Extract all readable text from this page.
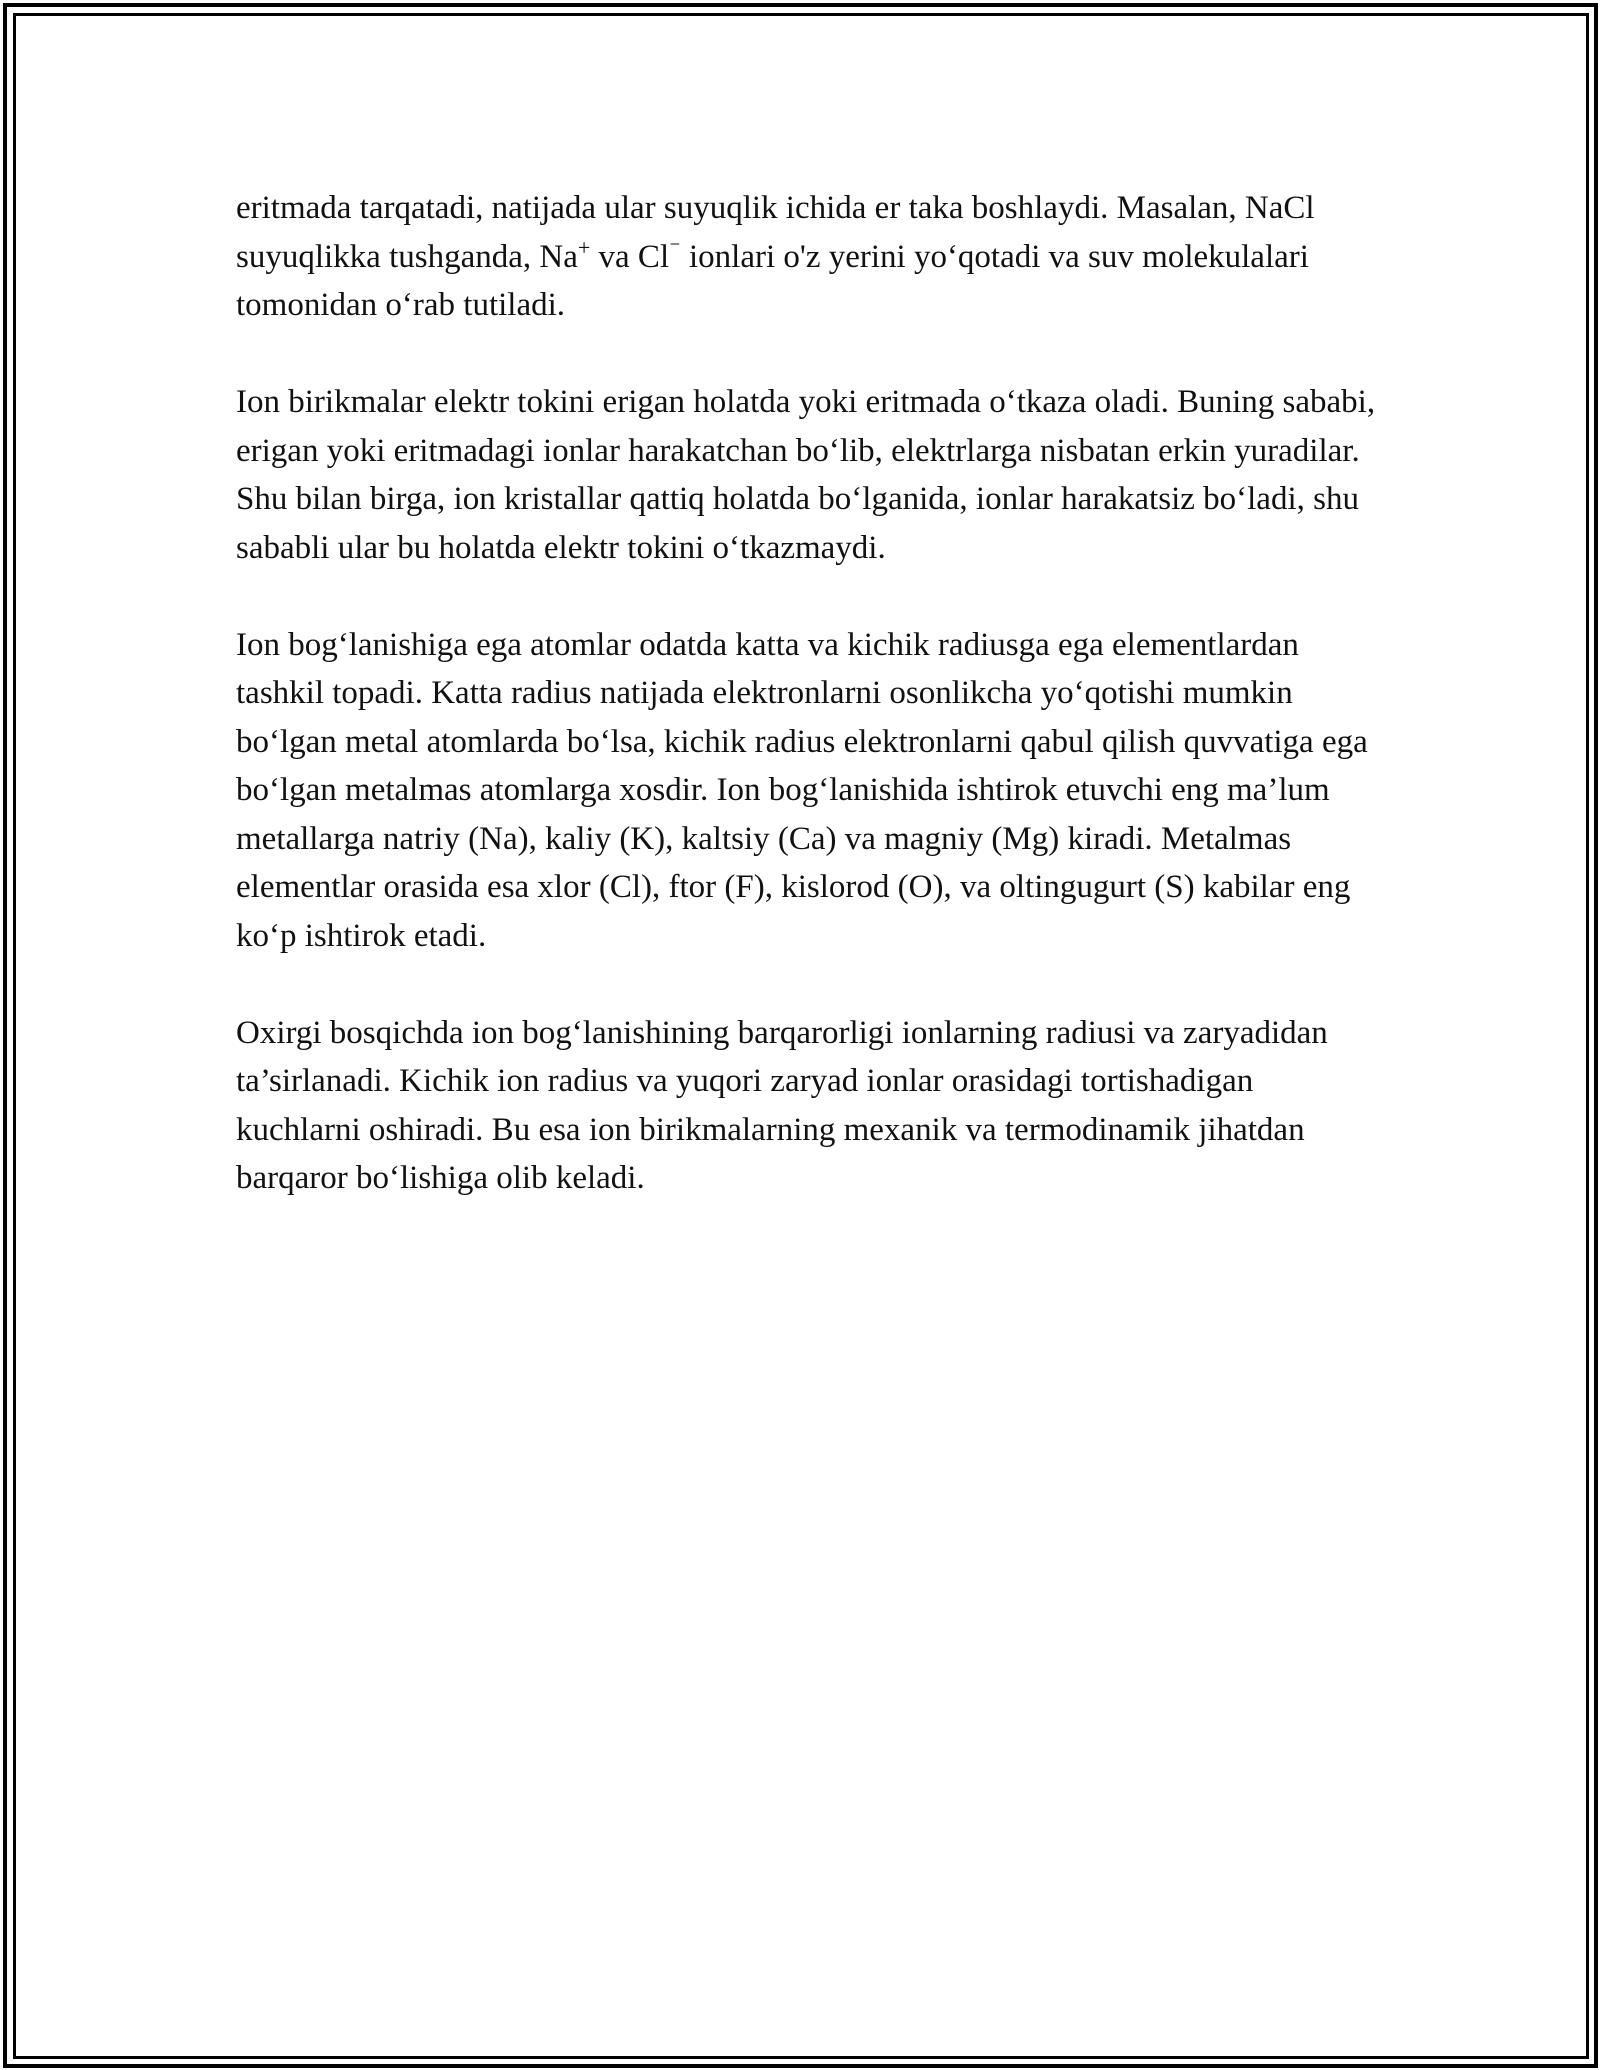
eritmada tarqatadi, natijada ular suyuqlik ichida er taka boshlaydi. Masalan, NaCl suyuqlikka tushganda, Na+ va Cl⁻ ionlari o'z yerini yo‘qotadi va suv molekulalari tomonidan o‘rab tutiladi.

Ion birikmalar elektr tokini erigan holatda yoki eritmada o‘tkaza oladi. Buning sababi, erigan yoki eritmadagi ionlar harakatchan bo‘lib, elektrlarga nisbatan erkin yuradilar. Shu bilan birga, ion kristallar qattiq holatda bo‘lganida, ionlar harakatsiz bo‘ladi, shu sababli ular bu holatda elektr tokini o‘tkazmaydi.

Ion bog‘lanishiga ega atomlar odatda katta va kichik radiusga ega elementlardan tashkil topadi. Katta radius natijada elektronlarni osonlikcha yo‘qotishi mumkin bo‘lgan metal atomlarda bo‘lsa, kichik radius elektronlarni qabul qilish quvvatiga ega bo‘lgan metalmas atomlarga xosdir. Ion bog‘lanishida ishtirok etuvchi eng ma’lum metallarga natriy (Na), kaliy (K), kaltsiy (Ca) va magniy (Mg) kiradi. Metalmas elementlar orasida esa xlor (Cl), ftor (F), kislorod (O), va oltingugurt (S) kabilar eng ko‘p ishtirok etadi.

Oxirgi bosqichda ion bog‘lanishining barqarorligi ionlarning radiusi va zaryadidan ta’sirlanadi. Kichik ion radius va yuqori zaryad ionlar orasidagi tortishadigan kuchlarni oshiradi. Bu esa ion birikmalarning mexanik va termodinamik jihatdan barqaror bo‘lishiga olib keladi.
